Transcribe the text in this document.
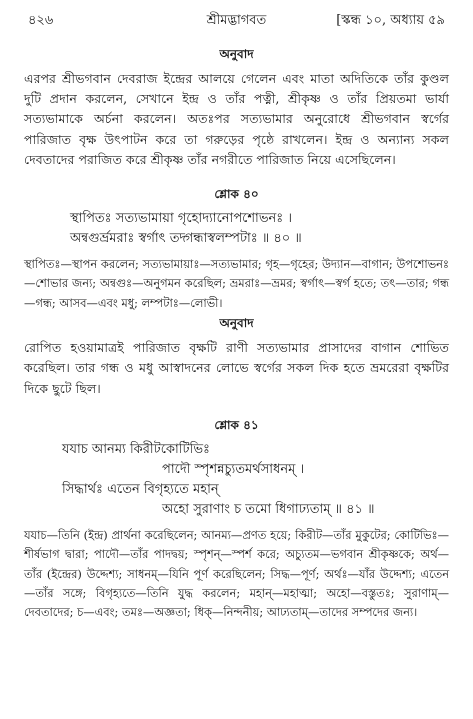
৪২৬	শ্রীমদ্ভাগবত	[স্কন্ধ ১০, অধ্যায় ৫৯
অনুবাদ

এরপর শ্রীভগবান দেবরাজ ইন্দ্রের আলয়ে গেলেন এবং মাতা অদিতিকে তাঁর কুণ্ডল দুটি প্রদান করলেন, সেখানে ইন্দ্র ও তাঁর পত্নী, শ্রীকৃষ্ণ ও তাঁর প্রিয়তমা ভার্যা সত্যভামাকে অর্চনা করলেন। অতঃপর সত্যভামার অনুরোধে শ্রীভগবান স্বর্গের পারিজাত বৃক্ষ উৎপাটন করে তা গরুড়ের পৃষ্ঠে রাখলেন। ইন্দ্র ও অন্যান্য সকল দেবতাদের পরাজিত করে শ্রীকৃষ্ণ তাঁর নগরীতে পারিজাত নিয়ে এসেছিলেন।

শ্লোক ৪০
স্থাপিতঃ সত্যভামায়া গৃহোদ্যানোপশোভনঃ ।
অন্বগুর্ভ্রমরাঃ স্বর্গাৎ তদ্গন্ধাস্বলম্পটাঃ ॥ ৪০ ॥

স্থাপিতঃ—স্থাপন করলেন; সত্যভামায়াঃ—সত্যভামার; গৃহ—গৃহের; উদ্যান—বাগান; উপশোভনঃ—শোভার জন্য; অন্বগুঃ—অনুগমন করেছিল; ভ্রমরাঃ—ভ্রমর; স্বর্গাৎ—স্বর্গ হতে; তৎ—তার; গন্ধ—গন্ধ; আসব—এবং মধু; লম্পটাঃ—লোভী।

অনুবাদ

রোপিত হওয়ামাত্রই পারিজাত বৃক্ষটি রাণী সত্যভামার প্রাসাদের বাগান শোভিত করেছিল। তার গন্ধ ও মধু আস্বাদনের লোভে স্বর্গের সকল দিক হতে ভ্রমরেরা বৃক্ষটির দিকে ছুটে ছিল।

শ্লোক ৪১
যযাচ আনম্য কিরীটকোটিভিঃ
পাদৌ স্পৃশন্নচ্যুতমর্থসাধনম্ ।
সিদ্ধার্থঃ এতেন বিগৃহ্যতে মহান্
অহো সুরাণাং চ তমো ধিগাঢ্যতাম্ ॥ ৪১ ॥

যযাচ—তিনি (ইন্দ্র) প্রার্থনা করেছিলেন; আনম্য—প্রণত হয়ে; কিরীট—তাঁর মুকুটের; কোটিভিঃ—শীর্ষভাগ দ্বারা; পাদৌ—তাঁর পাদদ্বয়; স্পৃশন্—স্পর্শ করে; অচ্যুতম—ভগবান শ্রীকৃষ্ণকে; অর্থ—তাঁর (ইন্দ্রের) উদ্দেশ্য; সাধনম্—যিনি পূর্ণ করেছিলেন; সিদ্ধ—পূর্ণ; অর্থঃ—যাঁর উদ্দেশ্য; এতেন—তাঁর সঙ্গে; বিগৃহ্যতে—তিনি যুদ্ধ করলেন; মহান্—মহাত্মা; অহো—বস্তুতঃ; সুরাণাম্—দেবতাদের; চ—এবং; তমঃ—অজ্ঞতা; ধিক্—নিন্দনীয়; আঢ্যতাম্—তাদের সম্পদের জন্য।
